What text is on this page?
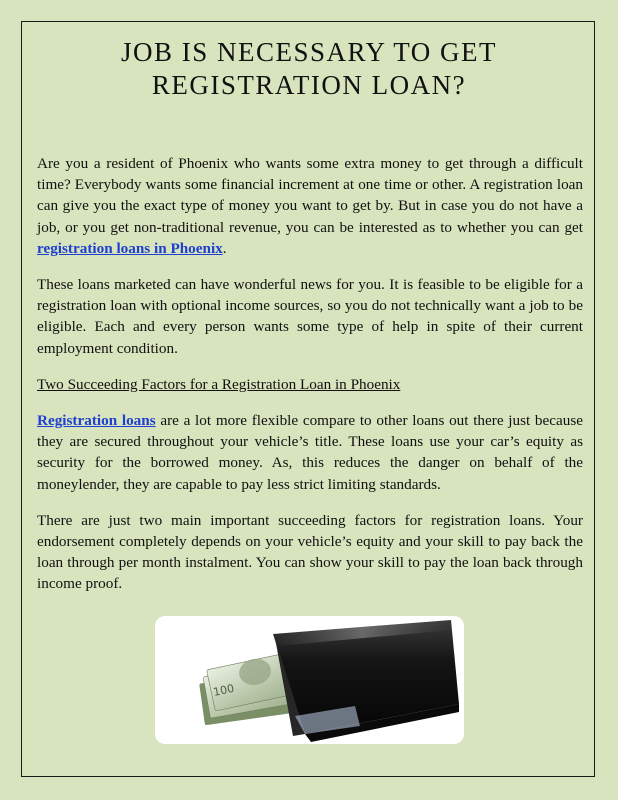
JOB IS NECESSARY TO GET REGISTRATION LOAN?

Are you a resident of Phoenix who wants some extra money to get through a difficult time? Everybody wants some financial increment at one time or other. A registration loan can give you the exact type of money you want to get by. But in case you do not have a job, or you get non-traditional revenue, you can be interested as to whether you can get registration loans in Phoenix.

These loans marketed can have wonderful news for you. It is feasible to be eligible for a registration loan with optional income sources, so you do not technically want a job to be eligible. Each and every person wants some type of help in spite of their current employment condition.

Two Succeeding Factors for a Registration Loan in Phoenix

Registration loans are a lot more flexible compare to other loans out there just because they are secured throughout your vehicle’s title. These loans use your car’s equity as security for the borrowed money. As, this reduces the danger on behalf of the moneylender, they are capable to pay less strict limiting standards.

There are just two main important succeeding factors for registration loans. Your endorsement completely depends on your vehicle’s equity and your skill to pay back the loan through per month instalment. You can show your skill to pay the loan back through income proof.

100
